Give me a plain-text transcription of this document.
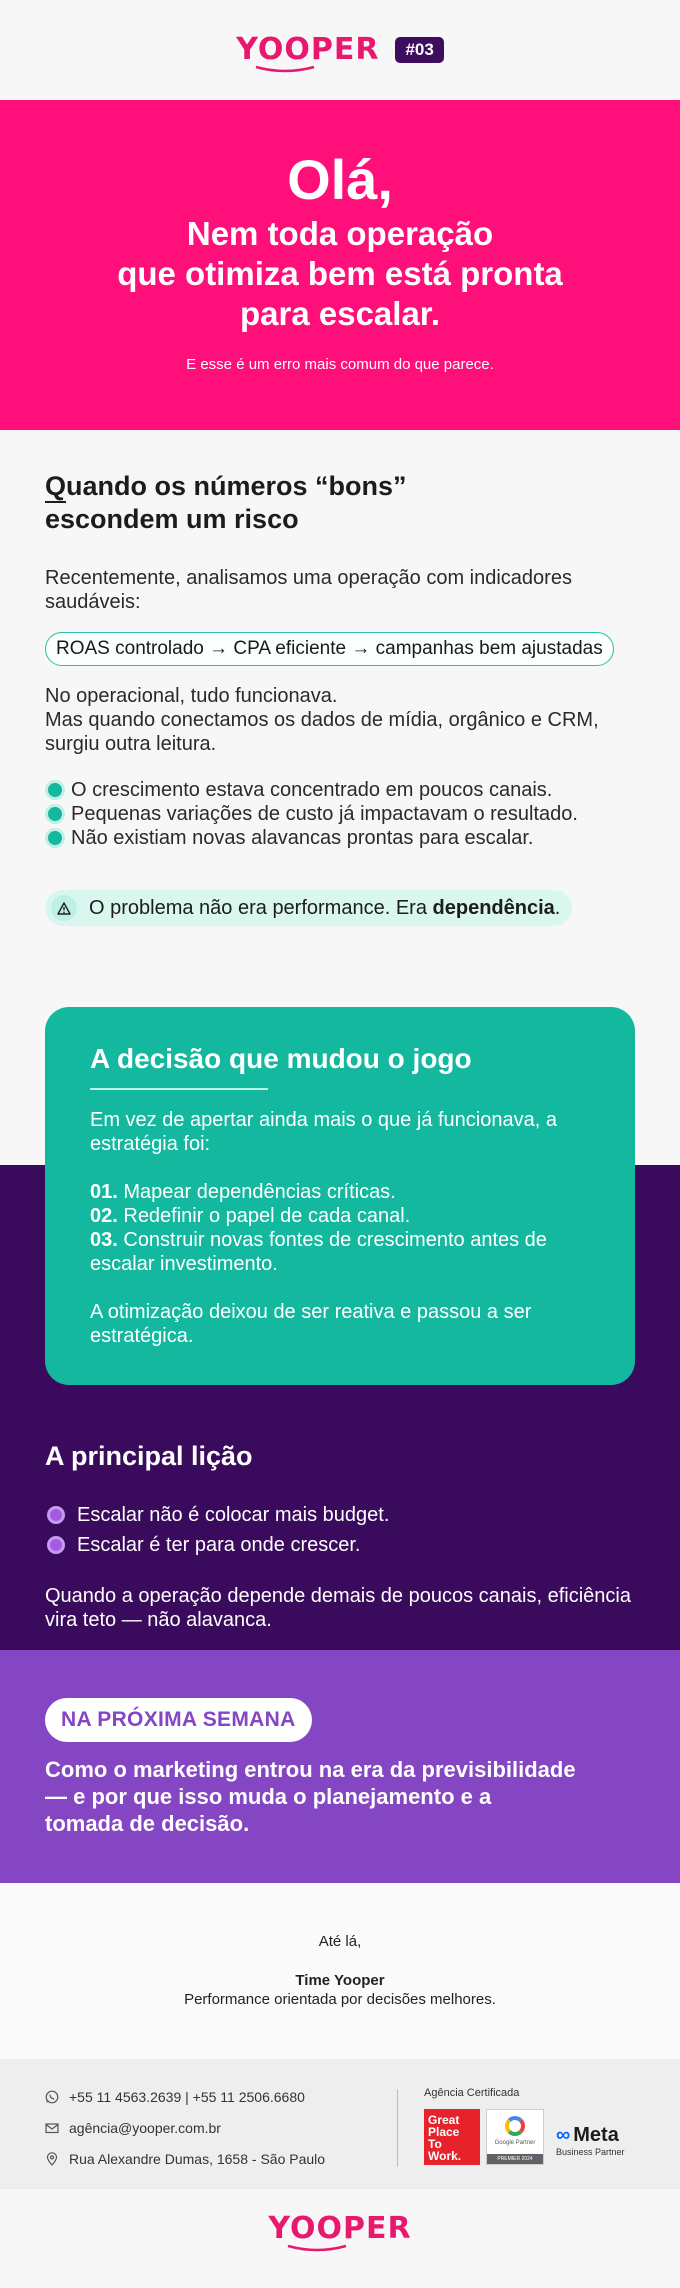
YOOPER	#03
Olá,
Nem toda operação
que otimiza bem está pronta
para escalar.
E esse é um erro mais comum do que parece.
Quando os números “bons”
escondem um risco

Recentemente, analisamos uma operação com indicadores saudáveis:

ROAS controlado → CPA eficiente → campanhas bem ajustadas

No operacional, tudo funcionava.

Mas quando conectamos os dados de mídia, orgânico e CRM, surgiu outra leitura.

O crescimento estava concentrado em poucos canais.
Pequenas variações de custo já impactavam o resultado.
Não existiam novas alavancas prontas para escalar.
O problema não era performance. Era dependência.
A decisão que mudou o jogo

Em vez de apertar ainda mais o que já funcionava, a estratégia foi:

01. Mapear dependências críticas.
02. Redefinir o papel de cada canal.
03. Construir novas fontes de crescimento antes de escalar investimento.

A otimização deixou de ser reativa e passou a ser estratégica.

A principal lição
Escalar não é colocar mais budget.
Escalar é ter para onde crescer.

Quando a operação depende demais de poucos canais, eficiência vira teto — não alavanca.

NA PRÓXIMA SEMANA
Como o marketing entrou na era da previsibilidade
— e por que isso muda o planejamento e a
tomada de decisão.
Até lá,
Time Yooper
Performance orientada por decisões melhores.
+55 11 4563.2639 | +55 11 2506.6680
agência@yooper.com.br
Rua Alexandre Dumas, 1658 - São Paulo
Agência Certificada
Great
Place
To
Work.
Google Partner
PREMIER 2024
∞ Meta
Business Partner
YOOPER
